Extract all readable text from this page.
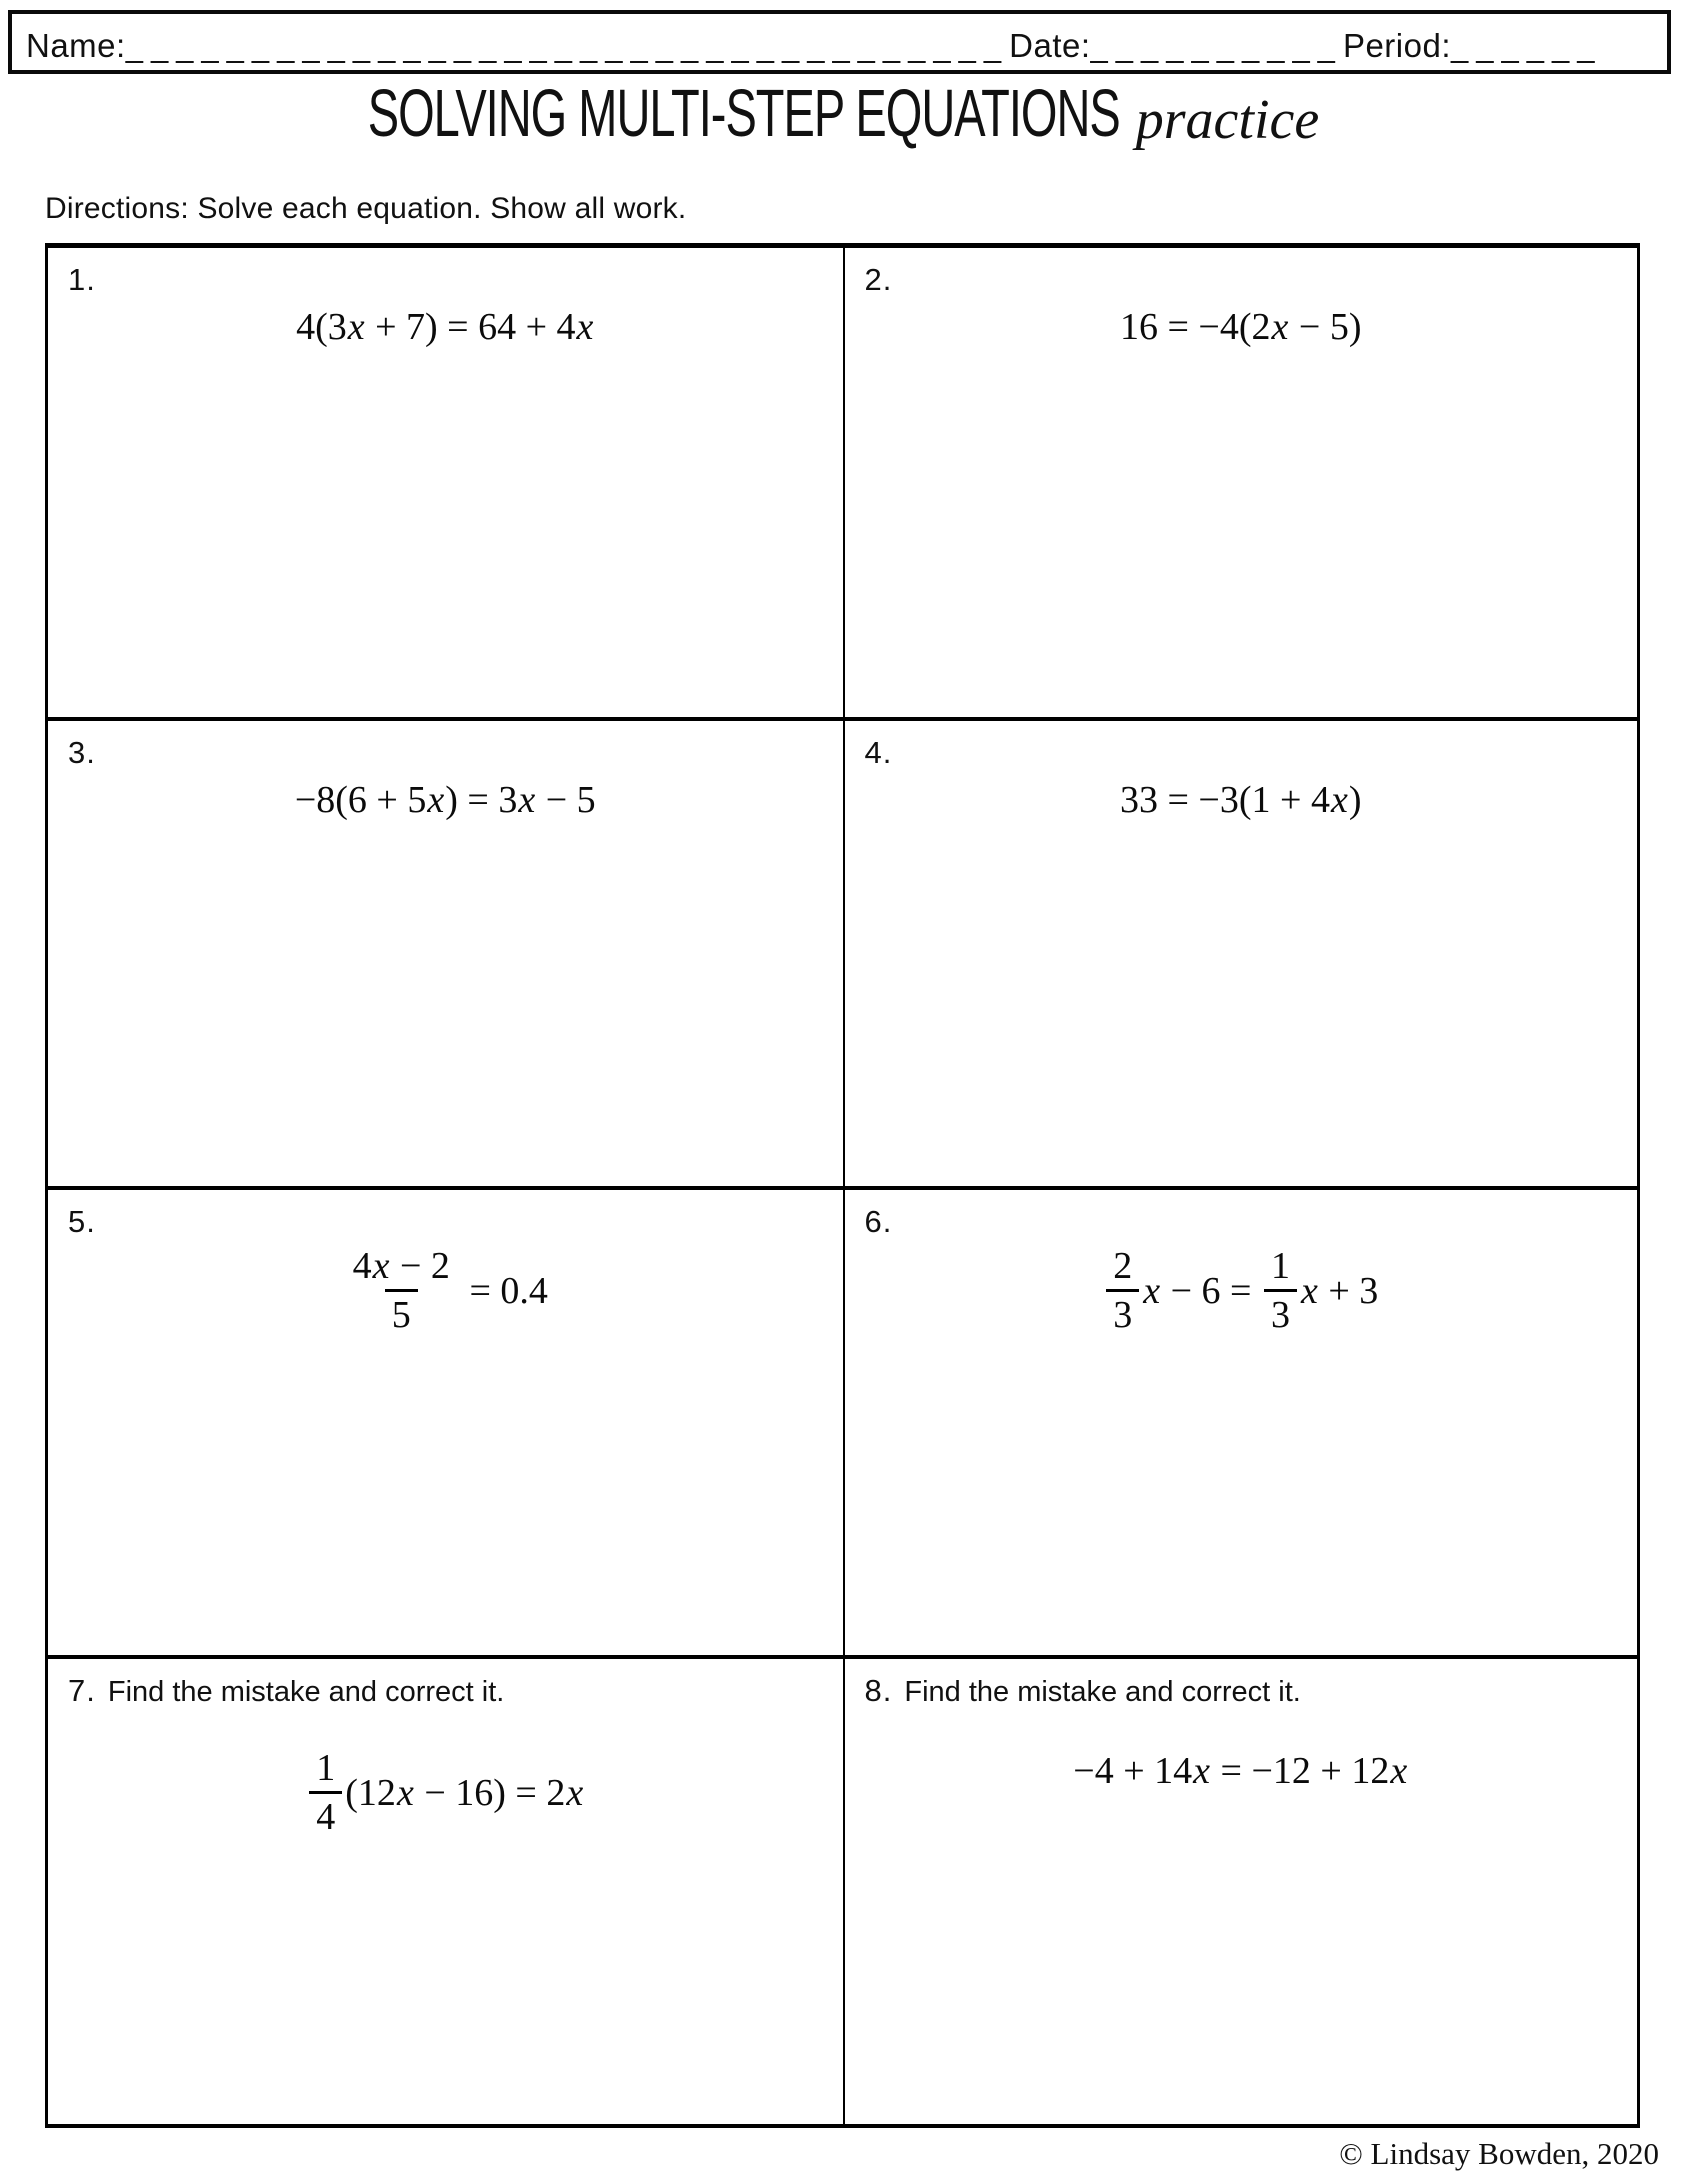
Name: ___________________________________ Date: __________ Period: ______
SOLVING MULTI-STEP EQUATIONS practice
Directions: Solve each equation. Show all work.
1.
4(3x + 7) = 64 + 4x
2.
16 = −4(2x − 5)
3.
−8(6 + 5x) = 3x − 5
4.
33 = −3(1 + 4x)
5.
$\frac{4x - 2}{5} = 0.4$
6.
$\frac{2}{3}$ $x - 6 = \frac{1}{3}$ x + 3
7. Find the mistake and correct it.
$\frac{1}{4} (12x - 16) = 2x$
8. Find the mistake and correct it.
−4 + 14x = −12 + 12x
© Lindsay Bowden, 2020
